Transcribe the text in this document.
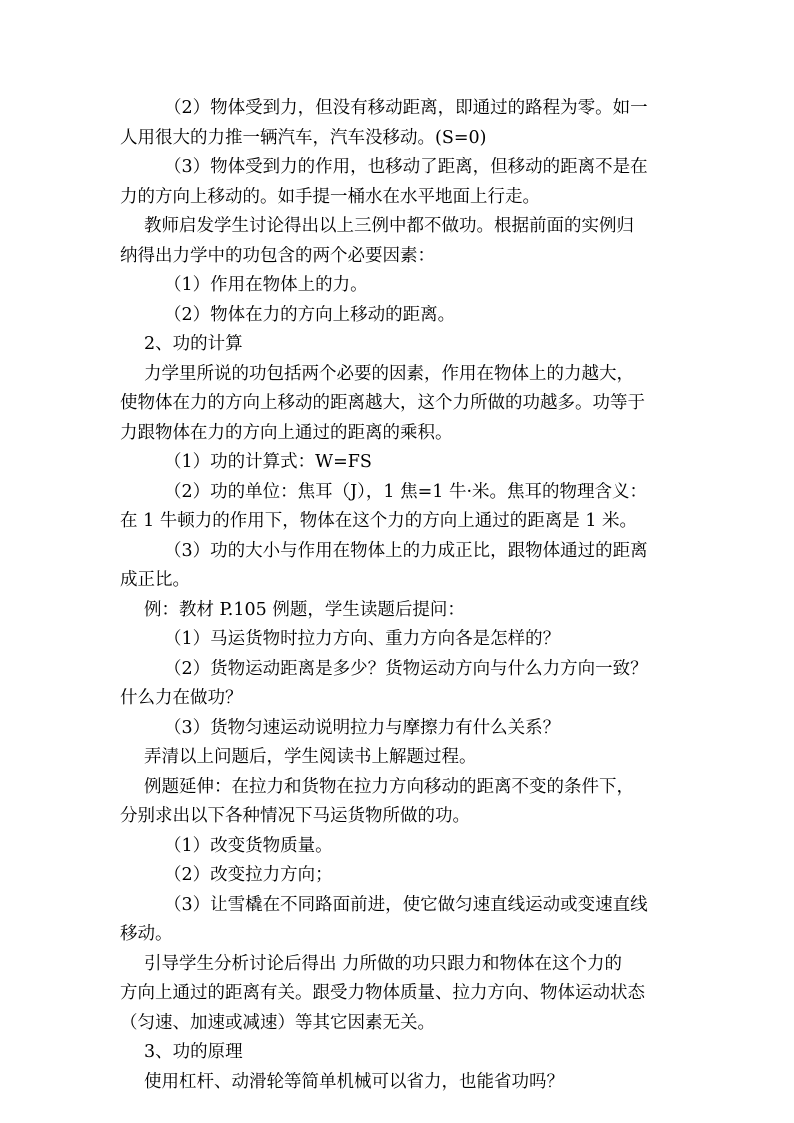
（2）物体受到力，但没有移动距离，即通过的路程为零。如一
人用很大的力推一辆汽车，汽车没移动。(S=0)
（3）物体受到力的作用，也移动了距离，但移动的距离不是在
力的方向上移动的。如手提一桶水在水平地面上行走。
教师启发学生讨论得出以上三例中都不做功。根据前面的实例归
纳得出力学中的功包含的两个必要因素：
（1）作用在物体上的力。
（2）物体在力的方向上移动的距离。
2、功的计算
力学里所说的功包括两个必要的因素，作用在物体上的力越大，
使物体在力的方向上移动的距离越大，这个力所做的功越多。功等于
力跟物体在力的方向上通过的距离的乘积。
（1）功的计算式：W=FS
（2）功的单位：焦耳（J），1 焦=1 牛·米。焦耳的物理含义：
在 1 牛顿力的作用下，物体在这个力的方向上通过的距离是 1 米。
（3）功的大小与作用在物体上的力成正比，跟物体通过的距离
成正比。
例：教材 P.105 例题，学生读题后提问：
（1）马运货物时拉力方向、重力方向各是怎样的？
（2）货物运动距离是多少？货物运动方向与什么力方向一致？
什么力在做功？
（3）货物匀速运动说明拉力与摩擦力有什么关系？
弄清以上问题后，学生阅读书上解题过程。
例题延伸：在拉力和货物在拉力方向移动的距离不变的条件下，
分别求出以下各种情况下马运货物所做的功。
（1）改变货物质量。
（2）改变拉力方向；
（3）让雪橇在不同路面前进，使它做匀速直线运动或变速直线
移动。
引导学生分析讨论后得出 力所做的功只跟力和物体在这个力的
方向上通过的距离有关。跟受力物体质量、拉力方向、物体运动状态
（匀速、加速或减速）等其它因素无关。
3、功的原理
使用杠杆、动滑轮等简单机械可以省力，也能省功吗？
